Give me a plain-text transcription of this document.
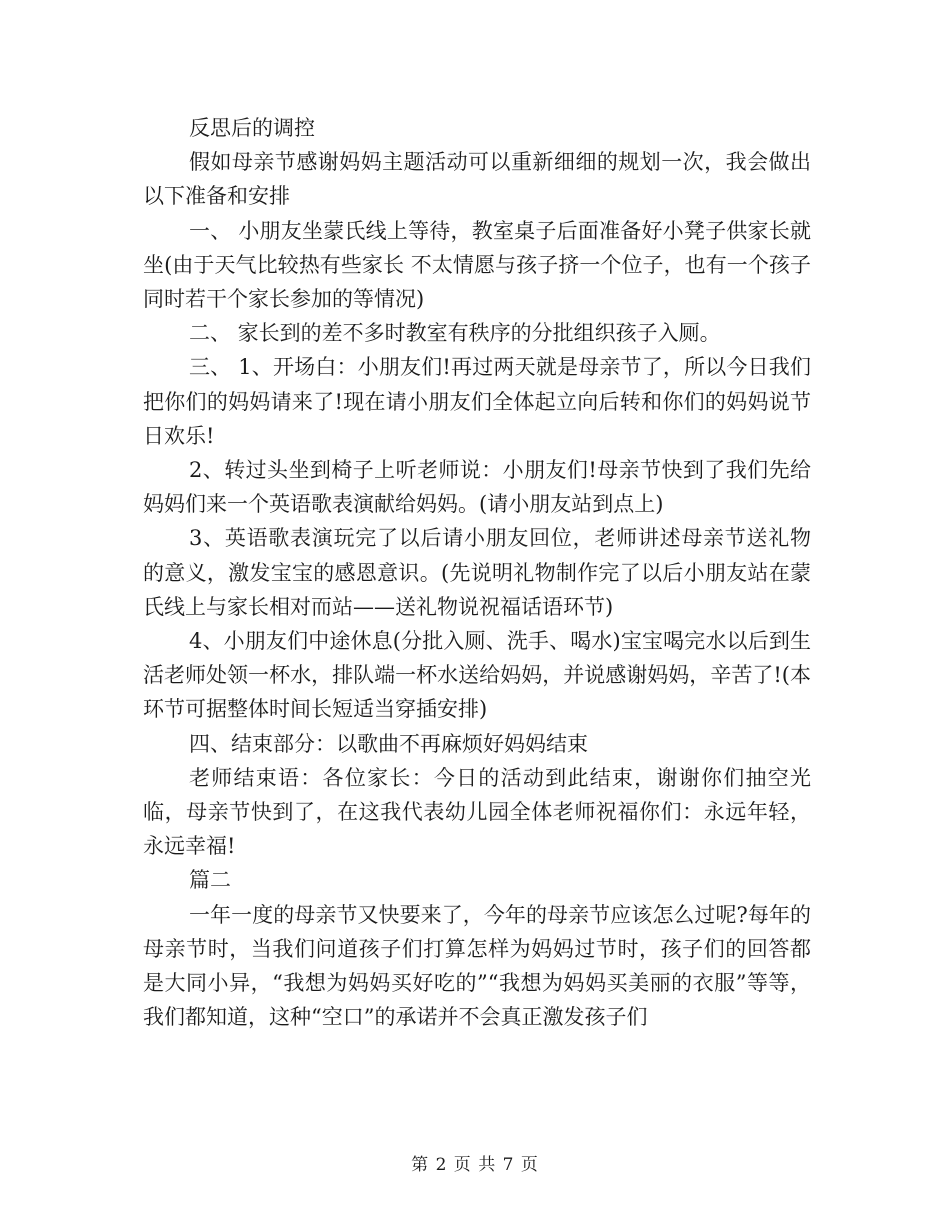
反思后的调控

假如母亲节感谢妈妈主题活动可以重新细细的规划一次，我会做出以下准备和安排

一、 小朋友坐蒙氏线上等待，教室桌子后面准备好小凳子供家长就坐(由于天气比较热有些家长 不太情愿与孩子挤一个位子，也有一个孩子同时若干个家长参加的等情况)

二、 家长到的差不多时教室有秩序的分批组织孩子入厕。

三、 1、开场白：小朋友们!再过两天就是母亲节了，所以今日我们把你们的妈妈请来了!现在请小朋友们全体起立向后转和你们的妈妈说节日欢乐!

2、转过头坐到椅子上听老师说：小朋友们!母亲节快到了我们先给妈妈们来一个英语歌表演献给妈妈。(请小朋友站到点上)

3、英语歌表演玩完了以后请小朋友回位，老师讲述母亲节送礼物的意义，激发宝宝的感恩意识。(先说明礼物制作完了以后小朋友站在蒙氏线上与家长相对而站——送礼物说祝福话语环节)

4、小朋友们中途休息(分批入厕、洗手、喝水)宝宝喝完水以后到生活老师处领一杯水，排队端一杯水送给妈妈，并说感谢妈妈，辛苦了!(本环节可据整体时间长短适当穿插安排)

四、结束部分：以歌曲不再麻烦好妈妈结束

老师结束语：各位家长：今日的活动到此结束，谢谢你们抽空光临，母亲节快到了，在这我代表幼儿园全体老师祝福你们：永远年轻，永远幸福!

篇二

一年一度的母亲节又快要来了，今年的母亲节应该怎么过呢?每年的母亲节时，当我们问道孩子们打算怎样为妈妈过节时，孩子们的回答都是大同小异，“我想为妈妈买好吃的”“我想为妈妈买美丽的衣服”等等，我们都知道，这种“空口”的承诺并不会真正激发孩子们

第 2 页 共 7 页
